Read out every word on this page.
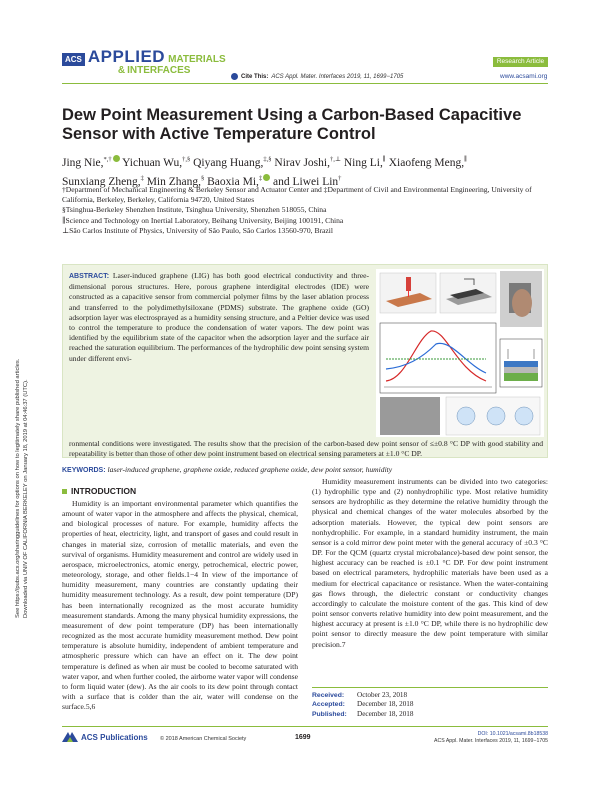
Downloaded via UNIV OF CALIFORNIA BERKELEY on January 18, 2019 at 04:46:37 (UTC).
See https://pubs.acs.org/sharingguidelines for options on how to legitimately share published articles.
ACS APPLIED MATERIALS
& INTERFACES
Cite This: ACS Appl. Mater. Interfaces 2019, 11, 1699−1705
Research Article
www.acsami.org
Dew Point Measurement Using a Carbon-Based Capacitive Sensor with Active Temperature Control
Jing Nie,*,† Yichuan Wu,†,§ Qiyang Huang,‡,§ Nirav Joshi,†,⊥ Ning Li,∥ Xiaofeng Meng,∥
Sunxiang Zheng,‡ Min Zhang,§ Baoxia Mi,‡ and Liwei Lin†
†Department of Mechanical Engineering & Berkeley Sensor and Actuator Center and ‡Department of Civil and Environmental Engineering, University of California, Berkeley, Berkeley, California 94720, United States
§Tsinghua-Berkeley Shenzhen Institute, Tsinghua University, Shenzhen 518055, China
∥Science and Technology on Inertial Laboratory, Beihang University, Beijing 100191, China
⊥São Carlos Institute of Physics, University of São Paulo, São Carlos 13560-970, Brazil
ABSTRACT: Laser-induced graphene (LIG) has both good electrical conductivity and three-dimensional porous structures. Here, porous graphene interdigital electrodes (IDE) were constructed as a capacitive sensor from commercial polymer films by the laser ablation process and transferred to the polydimethylsiloxane (PDMS) substrate. The graphene oxide (GO) adsorption layer was electrosprayed as a humidity sensing structure, and a Peltier device was used to control the temperature to produce the condensation of water vapors. The dew point was identified by the equilibrium state of the capacitor when the adsorption layer and the surface air reached the saturation equilibrium. The performances of the hydrophilic dew point sensing system under different envi-
ronmental conditions were investigated. The results show that the precision of the carbon-based dew point sensor of ≤±0.8 °C DP with good stability and repeatability is better than those of other dew point instrument based on electrical sensing parameters at ±1.0 °C DP.
KEYWORDS: laser-induced graphene, graphene oxide, reduced graphene oxide, dew point sensor, humidity
INTRODUCTION

Humidity is an important environmental parameter which quantifies the amount of water vapor in the atmosphere and affects the physical, chemical, and biological processes of nature. For example, humidity affects the properties of heat, electricity, light, and transport of gases and could result in changes in material size, corrosion of metallic materials, and even the survival of organisms. Humidity measurement and control are widely used in aerospace, microelectronics, atomic energy, petrochemical, electric power, meteorology, storage, and other fields.1−4 In view of the importance of humidity measurement, many countries are constantly updating their humidity measurement technology. As a result, dew point temperature (DP) has been internationally recognized as the most accurate humidity measurement standards. Among the many physical humidity expressions, the measurement of dew point temperature (DP) has been internationally recognized as the most accurate humidity measurement method. Dew point temperature is absolute humidity, independent of ambient temperature and atmospheric pressure which can have an effect on it. The dew point temperature is defined as when air must be cooled to become saturated with water vapor, and when further cooled, the airborne water vapor will condense to form liquid water (dew). As the air cools to its dew point through contact with a surface that is colder than the air, water will condense on the surface.5,6

Humidity measurement instruments can be divided into two categories: (1) hydrophilic type and (2) nonhydrophilic type. Most relative humidity sensors are hydrophilic as they determine the relative humidity through the physical and chemical changes of the water molecules absorbed by the adsorption materials. However, the typical dew point sensors are nonhydrophilic. For example, in a standard humidity instrument, the main sensor is a cold mirror dew point meter with the general accuracy of ±0.3 °C DP. For the QCM (quartz crystal microbalance)-based dew point sensor, the highest accuracy can be reached is ±0.1 °C DP. For dew point instrument based on electrical parameters, hydrophilic materials have been used as a medium for electrical capacitance or resistance. When the water-containing gas flows through, the dielectric constant or conductivity changes accordingly to calculate the moisture content of the gas. This kind of dew point sensor converts relative humidity into dew point measurement, and the highest accuracy at present is ±1.0 °C DP, while there is no hydrophilic dew point sensor to directly measure the dew point temperature with similar precision.7

Received: October 23, 2018
Accepted: December 18, 2018
Published: December 18, 2018
ACS Publications © 2018 American Chemical Society	1699	DOI: 10.1021/acsami.8b18538
ACS Appl. Mater. Interfaces 2019, 11, 1699−1705
